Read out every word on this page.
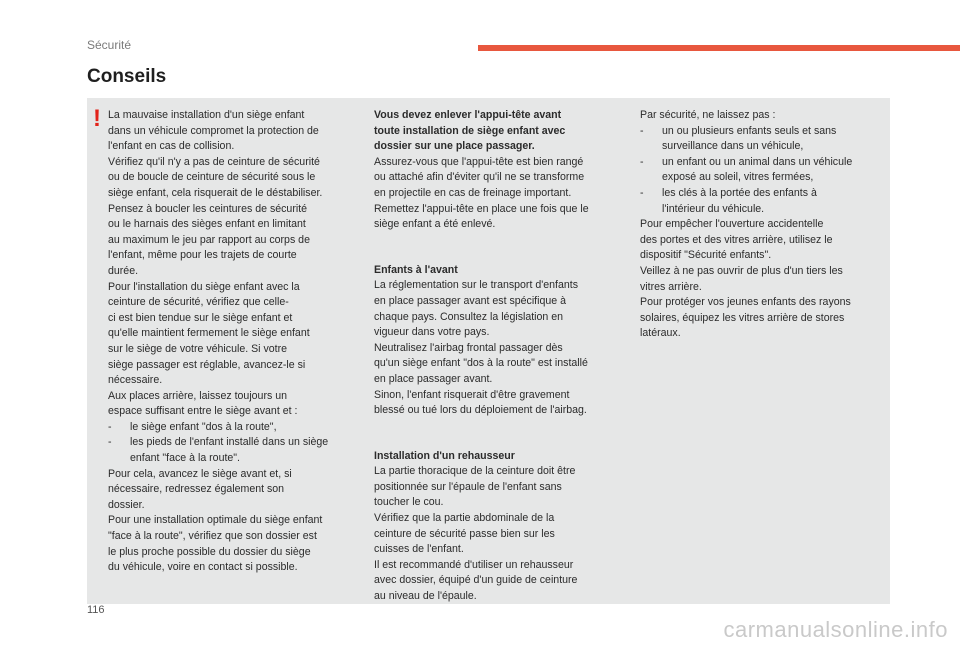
Sécurité
Conseils
! La mauvaise installation d'un siège enfant

dans un véhicule compromet la protection de

l'enfant en cas de collision.

Vérifiez qu'il n'y a pas de ceinture de sécurité

ou de boucle de ceinture de sécurité sous le

siège enfant, cela risquerait de le déstabiliser.

Pensez à boucler les ceintures de sécurité

ou le harnais des sièges enfant en limitant

au maximum le jeu par rapport au corps de

l'enfant, même pour les trajets de courte

durée.

Pour l'installation du siège enfant avec la

ceinture de sécurité, vérifiez que celle-

ci est bien tendue sur le siège enfant et

qu'elle maintient fermement le siège enfant

sur le siège de votre véhicule. Si votre

siège passager est réglable, avancez-le si

nécessaire.

Aux places arrière, laissez toujours un

espace suffisant entre le siège avant et :

- le siège enfant "dos à la route",

- les pieds de l'enfant installé dans un siège

enfant "face à la route".

Pour cela, avancez le siège avant et, si

nécessaire, redressez également son

dossier.

Pour une installation optimale du siège enfant

"face à la route", vérifiez que son dossier est

le plus proche possible du dossier du siège

du véhicule, voire en contact si possible.

Vous devez enlever l'appui-tête avant

toute installation de siège enfant avec

dossier sur une place passager.

Assurez-vous que l'appui-tête est bien rangé

ou attaché afin d'éviter qu'il ne se transforme

en projectile en cas de freinage important.

Remettez l'appui-tête en place une fois que le

siège enfant a été enlevé.

Enfants à l'avant

La réglementation sur le transport d'enfants

en place passager avant est spécifique à

chaque pays. Consultez la législation en

vigueur dans votre pays.

Neutralisez l'airbag frontal passager dès

qu'un siège enfant "dos à la route" est installé

en place passager avant.

Sinon, l'enfant risquerait d'être gravement

blessé ou tué lors du déploiement de l'airbag.

Installation d'un rehausseur

La partie thoracique de la ceinture doit être

positionnée sur l'épaule de l'enfant sans

toucher le cou.

Vérifiez que la partie abdominale de la

ceinture de sécurité passe bien sur les

cuisses de l'enfant.

Il est recommandé d'utiliser un rehausseur

avec dossier, équipé d'un guide de ceinture

au niveau de l'épaule.

Par sécurité, ne laissez pas :

- un ou plusieurs enfants seuls et sans

surveillance dans un véhicule,

- un enfant ou un animal dans un véhicule

exposé au soleil, vitres fermées,

- les clés à la portée des enfants à

l'intérieur du véhicule.

Pour empêcher l'ouverture accidentelle

des portes et des vitres arrière, utilisez le

dispositif "Sécurité enfants".

Veillez à ne pas ouvrir de plus d'un tiers les

vitres arrière.

Pour protéger vos jeunes enfants des rayons

solaires, équipez les vitres arrière de stores

latéraux.

116
carmanualsonline.info
